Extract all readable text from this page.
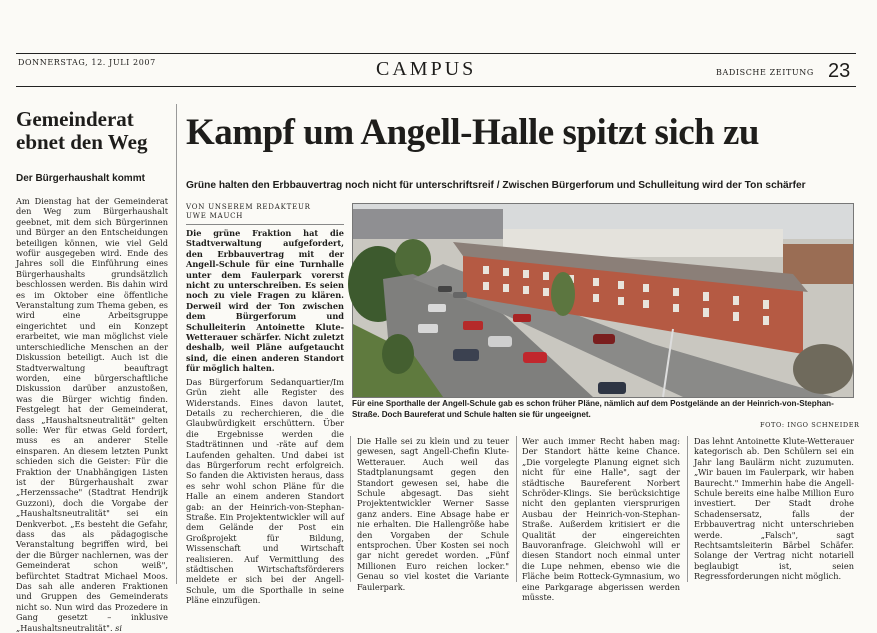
DONNERSTAG, 12. JULI 2007	CAMPUS	BADISCHE ZEITUNG 23
Gemeinderat
ebnet den Weg
Der Bürgerhaushalt kommt

Am Dienstag hat der Gemeinderat den Weg zum Bürgerhaushalt geebnet, mit dem sich Bürgerinnen und Bürger an den Entscheidungen beteiligen können, wie viel Geld wofür ausgegeben wird. Ende des Jahres soll die Einführung eines Bürgerhaushalts grundsätzlich beschlossen werden. Bis dahin wird es im Oktober eine öffentliche Veranstaltung zum Thema geben, es wird eine Arbeitsgruppe eingerichtet und ein Konzept erarbeitet, wie man möglichst viele unterschiedliche Menschen an der Diskussion beteiligt. Auch ist die Stadtverwaltung beauftragt worden, eine bürgerschaftliche Diskussion darüber anzustoßen, was die Bürger wichtig finden. Festgelegt hat der Gemeinderat, dass „Haushaltsneutralität" gelten solle: Wer für etwas Geld fordert, muss es an anderer Stelle einsparen. An diesem letzten Punkt schieden sich die Geister: Für die Fraktion der Unabhängigen Listen ist der Bürgerhaushalt zwar „Herzenssache" (Stadtrat Hendrijk Guzzoni), doch die Vorgabe der „Haushaltsneutralität" sei ein Denkverbot. „Es besteht die Gefahr, dass das als pädagogische Veranstaltung begriffen wird, bei der die Bürger nachlernen, was der Gemeinderat schon weiß", befürchtet Stadtrat Michael Moos. Das sah alle anderen Fraktionen und Gruppen des Gemeinderats nicht so. Nun wird das Prozedere in Gang gesetzt – inklusive „Haushaltsneutralität". si

Kampf um Angell-Halle spitzt sich zu
Grüne halten den Erbbauvertrag noch nicht für unterschriftsreif / Zwischen Bürgerforum und Schulleitung wird der Ton schärfer
VON UNSEREM REDAKTEUR
UWE MAUCH

Die grüne Fraktion hat die Stadtverwaltung aufgefordert, den Erbbauvertrag mit der Angell-Schule für eine Turnhalle unter dem Faulerpark vorerst nicht zu unterschreiben. Es seien noch zu viele Fragen zu klären. Derweil wird der Ton zwischen dem Bürgerforum und Schulleiterin Antoinette Klute-Wetterauer schärfer. Nicht zuletzt deshalb, weil Pläne aufgetaucht sind, die einen anderen Standort für möglich halten.

Das Bürgerforum Sedanquartier/Im Grün zieht alle Register des Widerstands. Eines davon lautet, Details zu recherchieren, die die Glaubwürdigkeit erschüttern. Über die Ergebnisse werden die Stadträtinnen und -räte auf dem Laufenden gehalten. Und dabei ist das Bürgerforum recht erfolgreich. So fanden die Aktivisten heraus, dass es sehr wohl schon Pläne für die Halle an einem anderen Standort gab: an der Heinrich-von-Stephan-Straße. Ein Projektentwickler will auf dem Gelände der Post ein Großprojekt für Bildung, Wissenschaft und Wirtschaft realisieren. Auf Vermittlung des städtischen Wirtschaftsförderers meldete er sich bei der Angell-Schule, um die Sporthalle in seine Pläne einzufügen.

Für eine Sporthalle der Angell-Schule gab es schon früher Pläne, nämlich auf dem Postgelände an der Heinrich-von-Stephan-Straße. Doch Baureferat und Schule halten sie für ungeeignet.
FOTO: INGO SCHNEIDER

Die Halle sei zu klein und zu teuer gewesen, sagt Angell-Chefin Klute-Wetterauer. Auch weil das Stadtplanungsamt gegen den Standort gewesen sei, habe die Schule abgesagt. Das sieht Projektentwickler Werner Sasse ganz anders. Eine Absage habe er nie erhalten. Die Hallengröße habe den Vorgaben der Schule entsprochen. Über Kosten sei noch gar nicht geredet worden. „Fünf Millionen Euro reichen locker." Genau so viel kostet die Variante Faulerpark.

Wer auch immer Recht haben mag: Der Standort hätte keine Chance. „Die vorgelegte Planung eignet sich nicht für eine Halle", sagt der städtische Baureferent Norbert Schröder-Klings. Sie berücksichtige nicht den geplanten viersprurigen Ausbau der Heinrich-von-Stephan-Straße. Außerdem kritisiert er die Qualität der eingereichten Bauvoranfrage. Gleichwohl will er diesen Standort noch einmal unter die Lupe nehmen, ebenso wie die Fläche beim Rotteck-Gymnasium, wo eine Parkgarage abgerissen werden müsste.

Das lehnt Antoinette Klute-Wetterauer kategorisch ab. Den Schülern sei ein Jahr lang Baulärm nicht zuzumuten. „Wir bauen im Faulerpark, wir haben Baurecht." Immerhin habe die Angell-Schule bereits eine halbe Million Euro investiert. Der Stadt drohe Schadensersatz, falls der Erbbauvertrag nicht unterschrieben werde. „Falsch", sagt Rechtsamtsleiterin Bärbel Schäfer. Solange der Vertrag nicht notariell beglaubigt ist, seien Regressforderungen nicht möglich.
